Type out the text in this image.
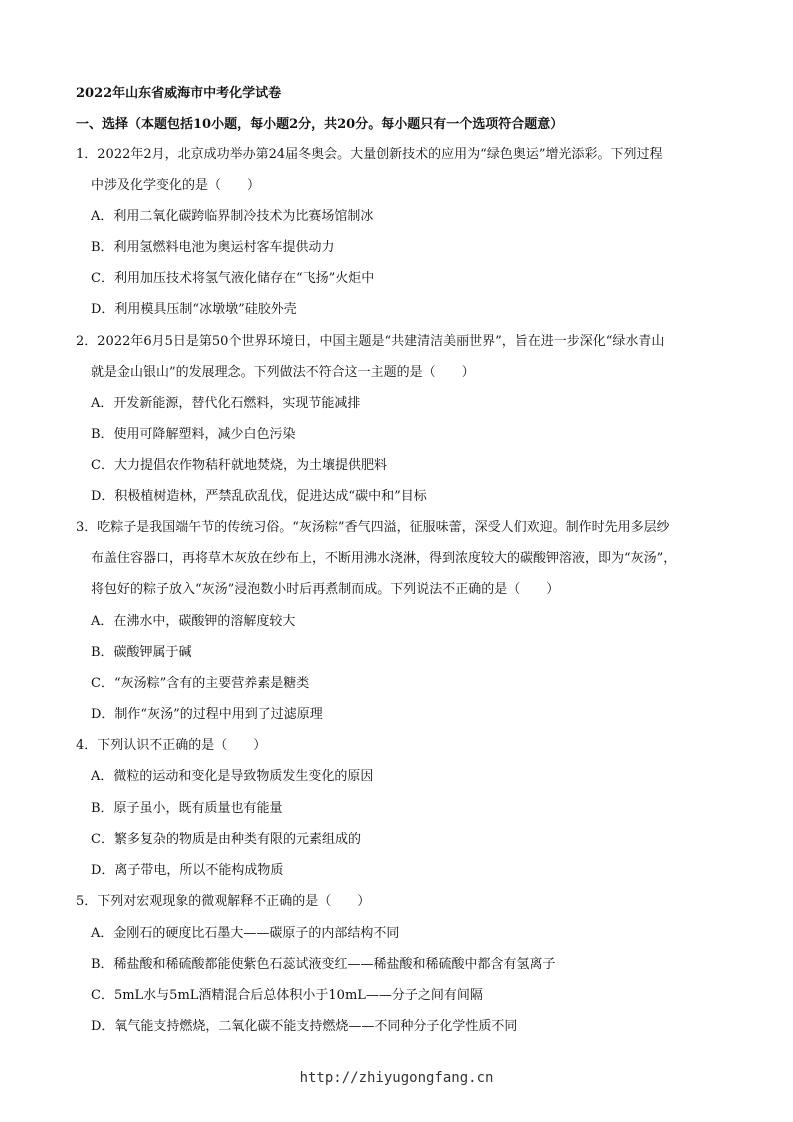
2022年山东省威海市中考化学试卷
一、选择（本题包括10小题，每小题2分，共20分。每小题只有一个选项符合题意）
1．2022年2月，北京成功举办第24届冬奥会。大量创新技术的应用为“绿色奥运”增光添彩。下列过程
中涉及化学变化的是（　　）
A．利用二氧化碳跨临界制冷技术为比赛场馆制冰
B．利用氢燃料电池为奥运村客车提供动力
C．利用加压技术将氢气液化储存在“飞扬”火炬中
D．利用模具压制“冰墩墩”硅胶外壳
2．2022年6月5日是第50个世界环境日，中国主题是“共建清洁美丽世界”，旨在进一步深化“绿水青山
就是金山银山”的发展理念。下列做法不符合这一主题的是（　　）
A．开发新能源，替代化石燃料，实现节能减排
B．使用可降解塑料，减少白色污染
C．大力提倡农作物秸秆就地焚烧，为土壤提供肥料
D．积极植树造林，严禁乱砍乱伐，促进达成“碳中和”目标
3．吃粽子是我国端午节的传统习俗。“灰汤粽”香气四溢，征服味蕾，深受人们欢迎。制作时先用多层纱
布盖住容器口，再将草木灰放在纱布上，不断用沸水浇淋，得到浓度较大的碳酸钾溶液，即为“灰汤”，
将包好的粽子放入“灰汤”浸泡数小时后再煮制而成。下列说法不正确的是（　　）
A．在沸水中，碳酸钾的溶解度较大
B．碳酸钾属于碱
C．“灰汤粽”含有的主要营养素是糖类
D．制作“灰汤”的过程中用到了过滤原理
4．下列认识不正确的是（　　）
A．微粒的运动和变化是导致物质发生变化的原因
B．原子虽小，既有质量也有能量
C．繁多复杂的物质是由种类有限的元素组成的
D．离子带电，所以不能构成物质
5．下列对宏观现象的微观解释不正确的是（　　）
A．金刚石的硬度比石墨大——碳原子的内部结构不同
B．稀盐酸和稀硫酸都能使紫色石蕊试液变红——稀盐酸和稀硫酸中都含有氢离子
C．5mL水与5mL酒精混合后总体积小于10mL——分子之间有间隔
D．氧气能支持燃烧，二氧化碳不能支持燃烧——不同种分子化学性质不同
http://zhiyugongfang.cn
